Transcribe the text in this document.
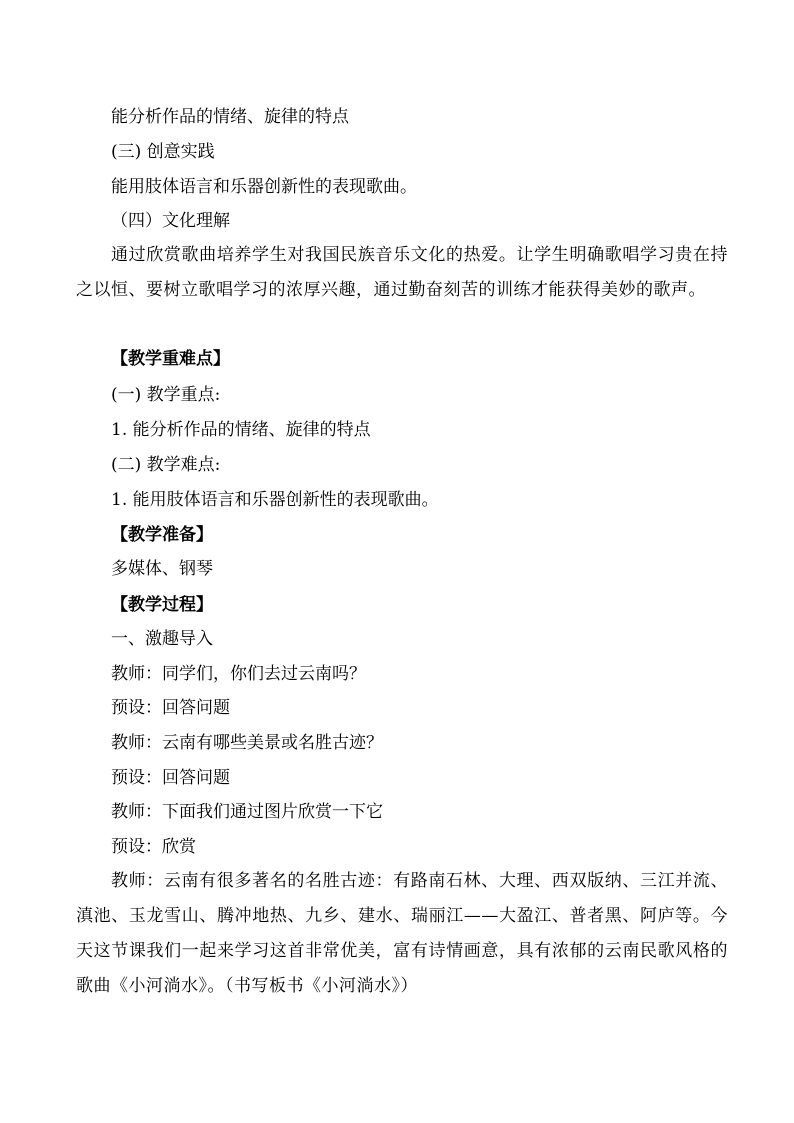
能分析作品的情绪、旋律的特点
(三) 创意实践
能用肢体语言和乐器创新性的表现歌曲。
（四）文化理解
通过欣赏歌曲培养学生对我国民族音乐文化的热爱。让学生明确歌唱学习贵在持之以恒、要树立歌唱学习的浓厚兴趣，通过勤奋刻苦的训练才能获得美妙的歌声。
【教学重难点】
(一) 教学重点:
1. 能分析作品的情绪、旋律的特点
(二) 教学难点:
1. 能用肢体语言和乐器创新性的表现歌曲。
【教学准备】
多媒体、钢琴
【教学过程】
一、激趣导入
教师：同学们，你们去过云南吗？
预设：回答问题
教师：云南有哪些美景或名胜古迹？
预设：回答问题
教师：下面我们通过图片欣赏一下它
预设：欣赏
教师：云南有很多著名的名胜古迹：有路南石林、大理、西双版纳、三江并流、滇池、玉龙雪山、腾冲地热、九乡、建水、瑞丽江——大盈江、普者黑、阿庐等。今天这节课我们一起来学习这首非常优美，富有诗情画意，具有浓郁的云南民歌风格的歌曲《小河淌水》。（书写板书《小河淌水》）
